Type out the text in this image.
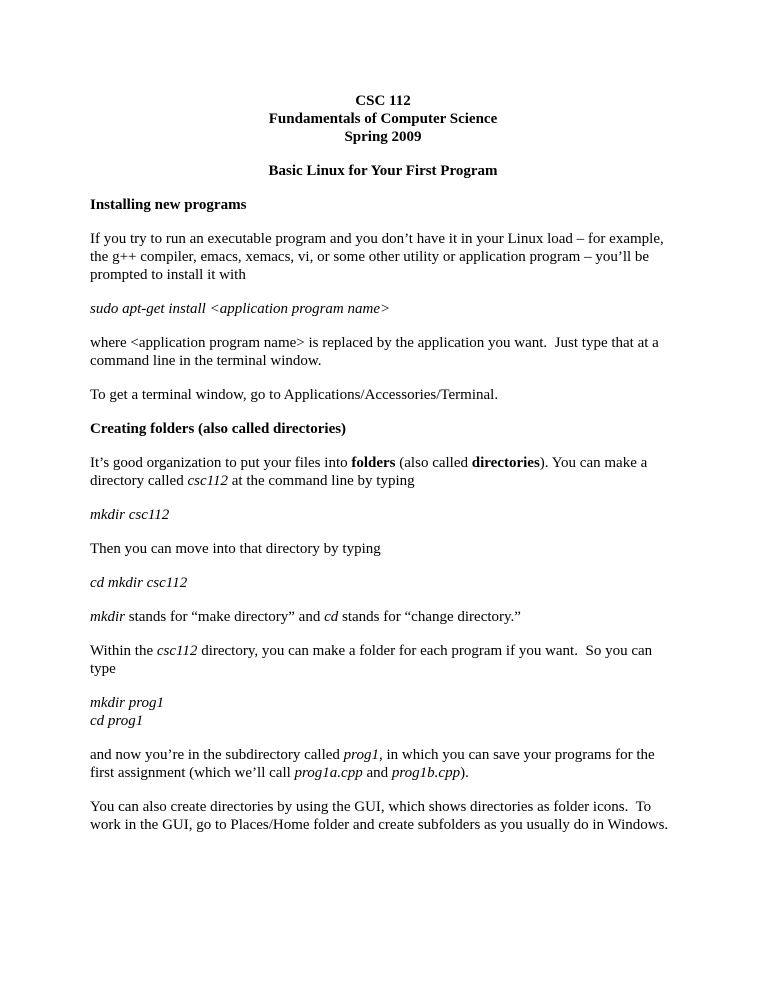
CSC 112
Fundamentals of Computer Science
Spring 2009
Basic Linux for Your First Program
Installing new programs
If you try to run an executable program and you don’t have it in your Linux load – for example,
the g++ compiler, emacs, xemacs, vi, or some other utility or application program – you’ll be
prompted to install it with
sudo apt-get install <application program name>
where <application program name> is replaced by the application you want.  Just type that at a
command line in the terminal window.
To get a terminal window, go to Applications/Accessories/Terminal.
Creating folders (also called directories)
It’s good organization to put your files into folders (also called directories). You can make a
directory called csc112 at the command line by typing
mkdir csc112
Then you can move into that directory by typing
cd mkdir csc112
mkdir stands for “make directory” and cd stands for “change directory.”
Within the csc112 directory, you can make a folder for each program if you want.  So you can
type
mkdir prog1
cd prog1
and now you’re in the subdirectory called prog1, in which you can save your programs for the
first assignment (which we’ll call prog1a.cpp and prog1b.cpp).
You can also create directories by using the GUI, which shows directories as folder icons.  To
work in the GUI, go to Places/Home folder and create subfolders as you usually do in Windows.
